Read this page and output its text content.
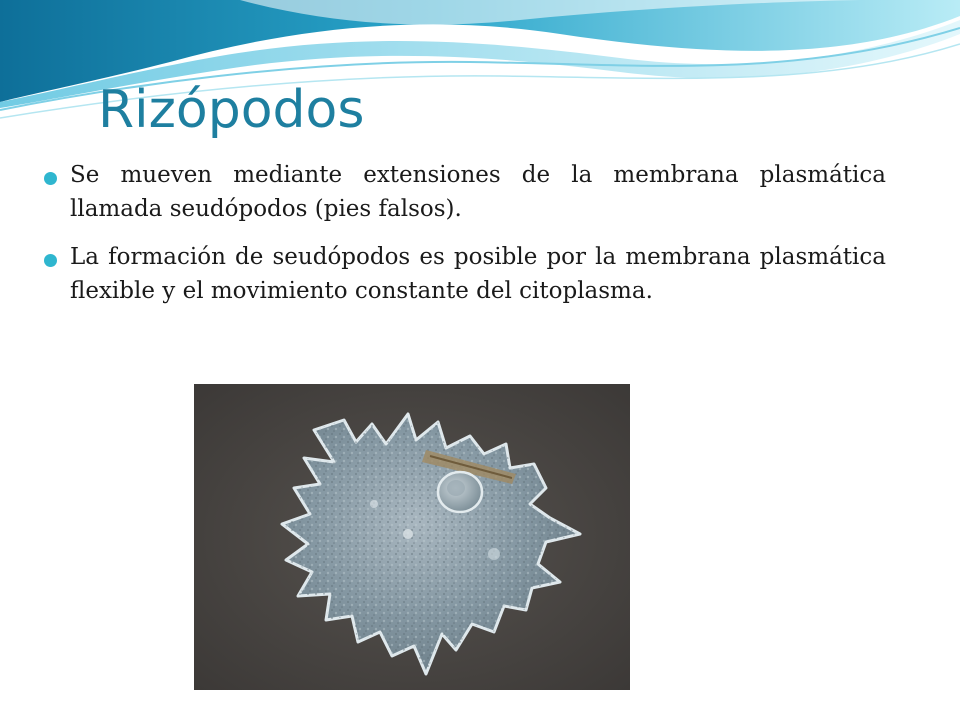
Rizópodos
Se mueven mediante extensiones de la membrana plasmática llamada seudópodos (pies falsos).
La formación de seudópodos es posible por la membrana plasmática flexible y el movimiento constante del citoplasma.
